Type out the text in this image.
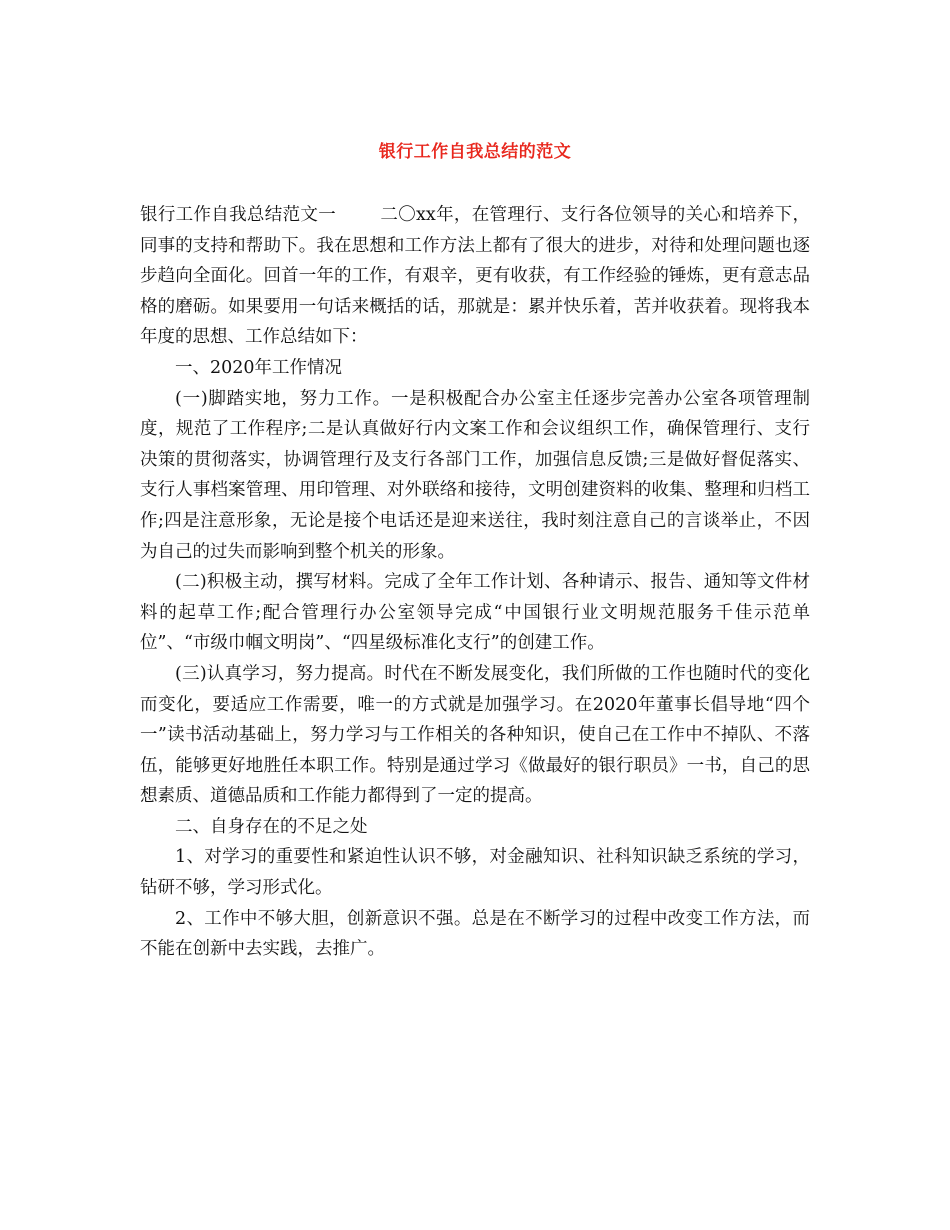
银行工作自我总结的范文

银行工作自我总结范文一	二〇xx年，在管理行、支行各位领导的关心和培养下，同事的支持和帮助下。我在思想和工作方法上都有了很大的进步，对待和处理问题也逐步趋向全面化。回首一年的工作，有艰辛，更有收获，有工作经验的锤炼，更有意志品格的磨砺。如果要用一句话来概括的话，那就是：累并快乐着，苦并收获着。现将我本年度的思想、工作总结如下：

一、2020年工作情况

(一)脚踏实地，努力工作。一是积极配合办公室主任逐步完善办公室各项管理制度，规范了工作程序;二是认真做好行内文案工作和会议组织工作，确保管理行、支行决策的贯彻落实，协调管理行及支行各部门工作，加强信息反馈;三是做好督促落实、支行人事档案管理、用印管理、对外联络和接待，文明创建资料的收集、整理和归档工作;四是注意形象，无论是接个电话还是迎来送往，我时刻注意自己的言谈举止，不因为自己的过失而影响到整个机关的形象。

(二)积极主动，撰写材料。完成了全年工作计划、各种请示、报告、通知等文件材料的起草工作;配合管理行办公室领导完成“中国银行业文明规范服务千佳示范单位”、“市级巾帼文明岗”、“四星级标准化支行”的创建工作。

(三)认真学习，努力提高。时代在不断发展变化，我们所做的工作也随时代的变化而变化，要适应工作需要，唯一的方式就是加强学习。在2020年董事长倡导地“四个一”读书活动基础上，努力学习与工作相关的各种知识，使自己在工作中不掉队、不落伍，能够更好地胜任本职工作。特别是通过学习《做最好的银行职员》一书，自己的思想素质、道德品质和工作能力都得到了一定的提高。

二、自身存在的不足之处

1、对学习的重要性和紧迫性认识不够，对金融知识、社科知识缺乏系统的学习，钻研不够，学习形式化。

2、工作中不够大胆，创新意识不强。总是在不断学习的过程中改变工作方法，而不能在创新中去实践，去推广。
